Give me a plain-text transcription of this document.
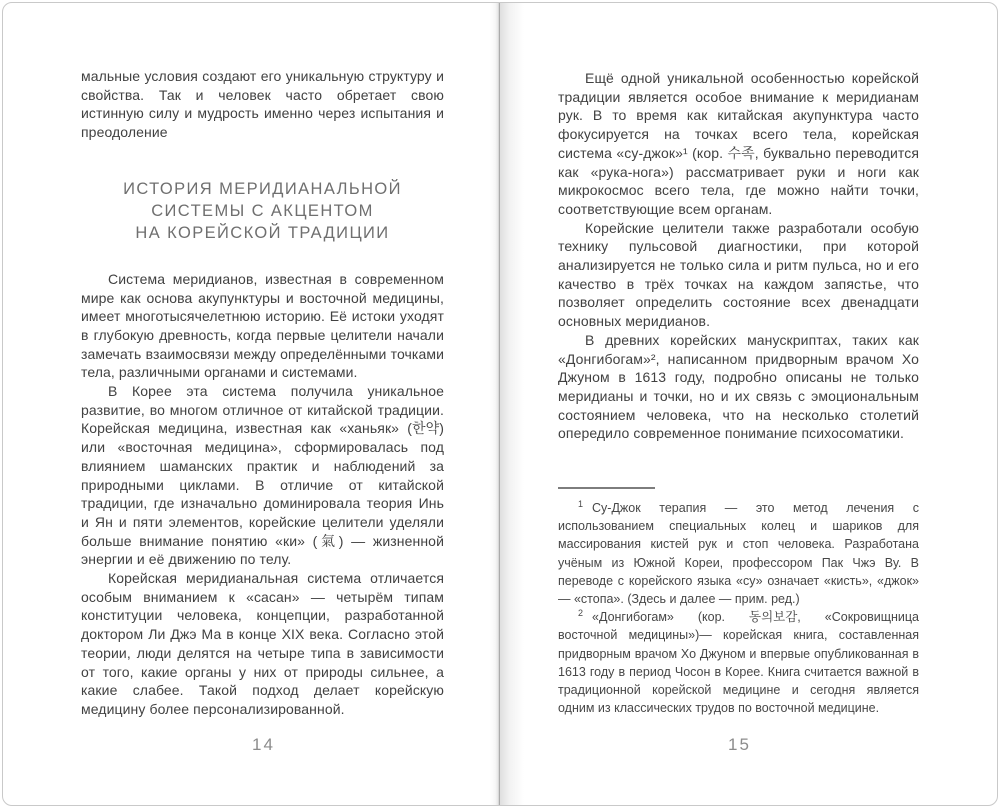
мальные условия создают его уникальную структуру и свойства. Так и человек часто обретает свою истинную силу и мудрость именно через испытания и преодоление

ИСТОРИЯ МЕРИДИАНАЛЬНОЙ
СИСТЕМЫ С АКЦЕНТОМ
НА КОРЕЙСКОЙ ТРАДИЦИИ

Система меридианов, известная в современном мире как основа акупунктуры и восточной медицины, имеет многотысячелетнюю историю. Её истоки уходят в глубокую древность, когда первые целители начали замечать взаимосвязи между определёнными точками тела, различными органами и системами.

В Корее эта система получила уникальное развитие, во многом отличное от китайской традиции. Корейская медицина, известная как «ханьяк» (한약) или «восточная медицина», сформировалась под влиянием шаманских практик и наблюдений за природными циклами. В отличие от китайской традиции, где изначально доминировала теория Инь и Ян и пяти элементов, корейские целители уделяли больше внимание понятию «ки» (氣) — жизненной энергии и её движению по телу.

Корейская меридианальная система отличается особым вниманием к «сасан» — четырём типам конституции человека, концепции, разработанной доктором Ли Джэ Ма в конце XIX века. Согласно этой теории, люди делятся на четыре типа в зависимости от того, какие органы у них от природы сильнее, а какие слабее. Такой подход делает корейскую медицину более персонализированной.

14

Ещё одной уникальной особенностью корейской традиции является особое внимание к меридианам рук. В то время как китайская акупунктура часто фокусируется на точках всего тела, корейская система «су-джок»¹ (кор. 수족, буквально переводится как «рука-нога») рассматривает руки и ноги как микрокосмос всего тела, где можно найти точки, соответствующие всем органам.

Корейские целители также разработали особую технику пульсовой диагностики, при которой анализируется не только сила и ритм пульса, но и его качество в трёх точках на каждом запястье, что позволяет определить состояние всех двенадцати основных меридианов.

В древних корейских манускриптах, таких как «Донгибогам»², написанном придворным врачом Хо Джуном в 1613 году, подробно описаны не только меридианы и точки, но и их связь с эмоциональным состоянием человека, что на несколько столетий опередило современное понимание психосоматики.

$^1$ Су-Джок терапия — это метод лечения с использованием специальных колец и шариков для массирования кистей рук и стоп человека. Разработана учёным из Южной Кореи, профессором Пак Чжэ Ву. В переводе с корейского языка «су» означает «кисть», «джок» — «стопа». (Здесь и далее — прим. ред.)

$^2$ «Донгибогам» (кор. 동의보감, «Сокровищница восточной медицины»)— корейская книга, составленная придворным врачом Хо Джуном и впервые опубликованная в 1613 году в период Чосон в Корее. Книга считается важной в традиционной корейской медицине и сегодня является одним из классических трудов по восточной медицине.

15
